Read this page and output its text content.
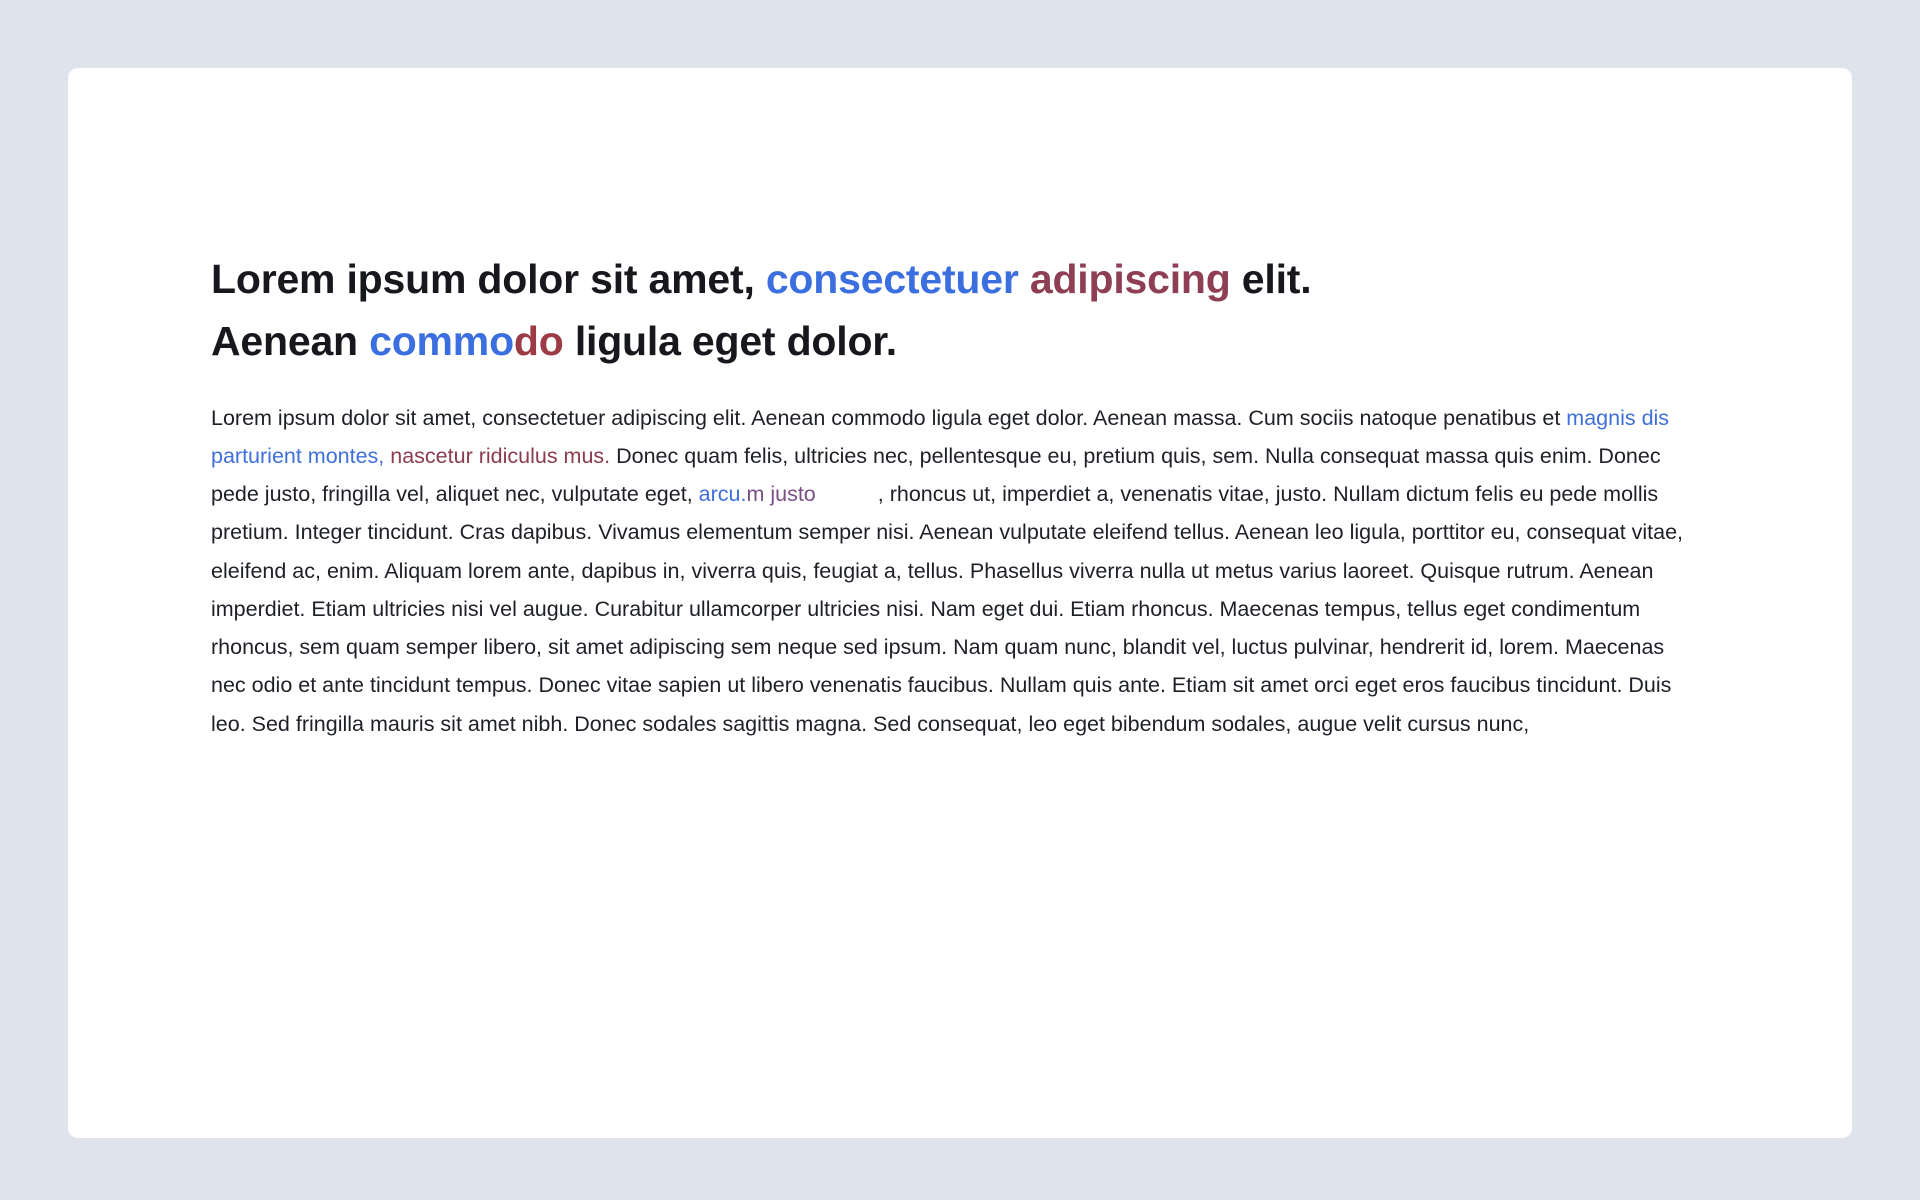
Lorem ipsum dolor sit amet, consectetuer adipiscing elit.
Aenean commodo ligula eget dolor.

Lorem ipsum dolor sit amet, consectetuer adipiscing elit. Aenean commodo ligula eget dolor. Aenean massa. Cum sociis natoque penatibus et magnis dis parturient montes, nascetur ridiculus mus. Donec quam felis, ultricies nec, pellentesque eu, pretium quis, sem. Nulla consequat massa quis enim. Donec pede justo, fringilla vel, aliquet nec, vulputate eget, arcu.m justo	, rhoncus ut, imperdiet a, venenatis vitae, justo. Nullam dictum felis eu pede mollis pretium. Integer tincidunt. Cras dapibus. Vivamus elementum semper nisi. Aenean vulputate eleifend tellus. Aenean leo ligula, porttitor eu, consequat vitae, eleifend ac, enim. Aliquam lorem ante, dapibus in, viverra quis, feugiat a, tellus. Phasellus viverra nulla ut metus varius laoreet. Quisque rutrum. Aenean imperdiet. Etiam ultricies nisi vel augue. Curabitur ullamcorper ultricies nisi. Nam eget dui. Etiam rhoncus. Maecenas tempus, tellus eget condimentum rhoncus, sem quam semper libero, sit amet adipiscing sem neque sed ipsum. Nam quam nunc, blandit vel, luctus pulvinar, hendrerit id, lorem. Maecenas nec odio et ante tincidunt tempus. Donec vitae sapien ut libero venenatis faucibus. Nullam quis ante. Etiam sit amet orci eget eros faucibus tincidunt. Duis leo. Sed fringilla mauris sit amet nibh. Donec sodales sagittis magna. Sed consequat, leo eget bibendum sodales, augue velit cursus nunc,
